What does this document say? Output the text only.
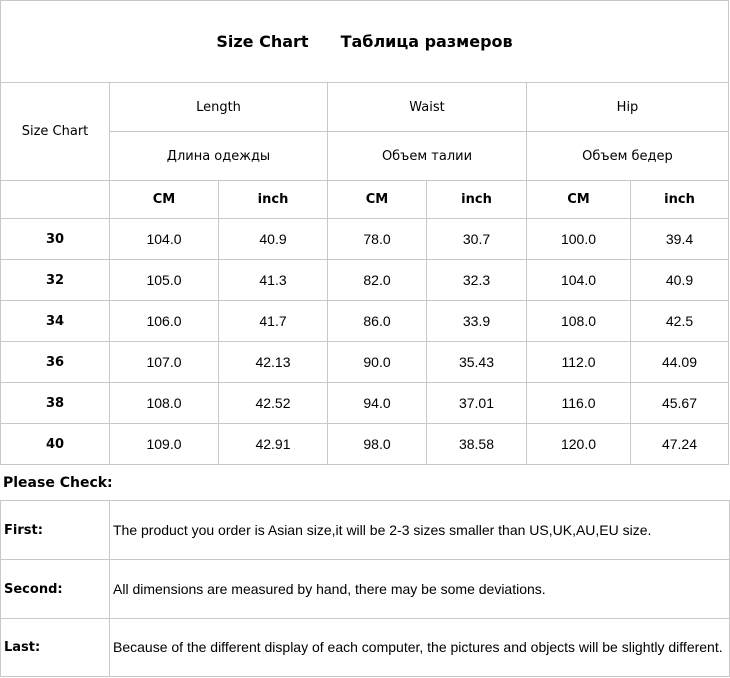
Size Chart Таблица размеров
Size Chart	Length		Waist		Hip	
	Длина одежды		Объем талии		Объем бедер	
	CM	inch	CM	inch	CM	inch
30	104.0	40.9	78.0	30.7	100.0	39.4
32	105.0	41.3	82.0	32.3	104.0	40.9
34	106.0	41.7	86.0	33.9	108.0	42.5
36	107.0	42.13	90.0	35.43	112.0	44.09
38	108.0	42.52	94.0	37.01	116.0	45.67
40	109.0	42.91	98.0	38.58	120.0	47.24
Please Check:
First:	The product you order is Asian size,it will be 2-3 sizes smaller than US,UK,AU,EU size.
Second:	All dimensions are measured by hand, there may be some deviations.
Last:	Because of the different display of each computer, the pictures and objects will be slightly different.
